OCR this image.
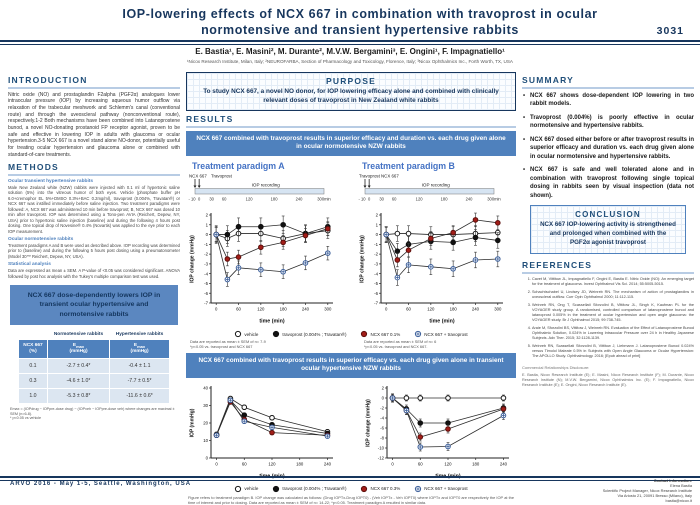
IOP-lowering effects of NCX 667 in combination with travoprost in ocular normotensive and transient hypertensive rabbits	3031
E. Bastia¹, E. Masini², M. Durante², M.V.W. Bergamini³, E. Ongini¹, F. Impagnatiello¹
¹Nicox Research Institute, Milan, Italy; ²NEUROFARBA, Section of Pharmacology and Toxicology, Florence, Italy; ³Nicox Ophthalmics Inc., Forth Worth, TX, USA
INTRODUCTION

Nitric oxide (NO) and prostaglandin F2alpha (PGF2α) analogues lower intraocular pressure (IOP) by increasing aqueous humor outflow via relaxation of the trabecular meshwork and Schlemm's canal (conventional route) and through the uveoscleral pathway (nonconventional route), respectively.1-2 Both mechanisms have been combined into Latanoprostene bunod, a novel NO-donating prostanoid FP receptor agonist, proven to be safe and effective in lowering IOP in adults with glaucoma or ocular hypertension.3-5 NCX 667 is a novel stand alone NO-donor, potentially useful for treating ocular hypertension and glaucoma alone or combined with standard-of-care treatments.

METHODS
Ocular transient hypertensive rabbits

Male New Zealand white (NZW) rabbits were injected with 0.1 ml of hypertonic saline solution (5%) into the vitreous humor of both eyes. Vehicle (phosphate buffer pH 6.0+cremophor EL 5%+DMSO 0.3%+BAC 0.2mg/ml), travoprost (0.004%, Travatan®) or NCX 667 was instilled immediately before saline injection. Two treatment paradigms were followed: A, NCX 667 was administered 10 min before travoprost; B, NCX 667 was dosed 10 min after travoprost. IOP was determined using a Tono-pen AVIA (Reichert, Depew, NY, USA) prior to hypertonic saline injection (baseline) and during the following 4 hours post dosing. One topical drop of Novesine® 0.4% (Novartis) was applied to the eye prior to each IOP measurement.

Ocular normotensive rabbits

Treatment paradigms A and B were used as described above. IOP recording was determined prior to (baseline) and during the following 5 hours post dosing using a pneumatonometer (Model 30™ Reichert, Depew, NY, USA).

Statistical analysis

Data are expressed as mean ± SEM. A P-value of <0.05 was considered significant. ANOVA followed by post hoc analysis with the Tukey's multiple comparison test was used.

NCX 667 dose-dependently lowers IOP in transient ocular hypertensive and normotensive rabbits
	Normotensive rabbits	Hypertensive rabbits
NCX 667
(%)	$E_{max}$
(mmHg)	$E_{max}$
(mmHg)
0.1	-2.7 ± 0.4*	-0.4 ± 1.1
0.3	-4.6 ± 1.0*	-7.7 ± 0.5*
1.0	-5.3 ± 0.8*	-11.6 ± 0.6*

Emax = (IOPdrug − IOPpre-dose drug) − (IOPveh − IOPpre-dose veh) where changes are maximal ± SEM (n=6-8).
* p<0.05 vs vehicle

PURPOSE
To study NCX 667, a novel NO donor, for IOP lowering efficacy alone and combined with clinically relevant doses of travoprost in New Zealand white rabbits
RESULTS
NCX 667 combined with travoprost results in superior efficacy and duration vs. each drug given alone in ocular normotensive NZW rabbits
Treatment paradigm A
NCX 667 Travoprost
IOP recording
- 10 0 30 60	120	180	240	300min
2
1
0
-1
-2
-3
-4
-5
-6
-7
0	60	120	180	240	300
time (min)
IOP change (mmHg)
Treatment paradigm B
Travoprost NCX 667
IOP recording
- 10 0 30 60	120	180	240	300min
2
1
0
-1
-2
-3
-4
-5
-6
-7
0	60	120	180	240	300
time (min)
IOP change (mmHg)
vehicle	travoprost (0.004% ; Travatan®)	NCX 667 0.1%	NCX 667 + travoprost
Data are reported as mean ± SEM of n= 7-9
*p<0.05 vs. travoprost and NCX 667
Data are reported as mean ± SEM of n= 6
*p<0.05 vs. travoprost and NCX 667.
NCX 667 combined with travoprost results in superior efficacy vs. each drug given alone in transient ocular hypertensive NZW rabbits
40
30
20
10
0
0	60	120	180	240
time (min)
IOP (mmHg)
2
0
-2
-4
-6
-8
-10
-12
0	60	120	180	240
time (min)
IOP change (mmHg)
vehicle	travoprost (0.004% ; Travatan®)	NCX 667 0.3%	NCX 667 + travoprost
Figure refers to treatment paradigm B. IOP change was calculated as follows: (Drug IOPTx-Drug IOPT0) - (Veh IOPTx - Veh IOPT0) where IOPTx and IOPT0 are respectively the IOP at the time of interest and prior to dosing. Data are reported as mean ± SEM of n= 14-22; *p<0.05. Treatment paradigm A resulted in similar data.
SUMMARY
• NCX 667 shows dose-dependent IOP lowering in two rabbit models.
• Travoprost (0.004%) is poorly effective in ocular normotensive and hypertensive rabbits.
• NCX 667 dosed either before or after travoprost results in superior efficacy and duration vs. each drug given alone in ocular normotensive and hypertensive rabbits.
• NCX 667 is safe and well tolerated alone and in combination with travoprost following single topical dosing in rabbits seen by visual inspection (data not shown).
CONCLUSION
NCX 667 IOP-lowering activity is strengthened and prolonged when combined with the PGF2α agonist travoprost
REFERENCES
1. Cavet M, Vittitow JL, Impagnatiello F, Ongini E, Bastia E. Nitric Oxide (NO): An emerging target for the treatment of glaucoma. Invest Ophthalmol Vis Sci. 2014; 55:5005-5015.
2. Schachtschabel U, Lindsey JD, Weinreb RN. The mechanism of action of prostaglandins in uveoscleral outflow. Curr Opin Ophthalmol 2000; 11:112-115.
3. Weinreb RN, Ong T, Scassellati Sforzolini B, Vittitow JL, Singh K, Kaufman PL for the VOYAGER study group. A randomised, controlled comparison of latanoprostene bunod and latanoprost 0.005% in the treatment of ocular hypertension and open angle glaucoma: the VOYAGER study. Br J Ophthalmol 2015; 99:738-745.
4. Araie M, Sforzolini BS, Vittitow J, Weinreb RN. Evaluation of the Effect of Latanoprostene Bunod Ophthalmic Solution, 0.024% in Lowering Intraocular Pressure over 24 h in Healthy Japanese Subjects. Adv Ther. 2015; 32:1128-1139.
5. Weinreb RN, Scassellati Sforzolini B, Vittitow J, Liebmann J. Latanoprostene Bunod 0.024% versus Timolol Maleate 0.5% in Subjects with Open Angle Glaucoma or Ocular Hypertension: The APOLLO Study. Ophthalmology. 2016; [Epub ahead of print]
Commercial Relationships Disclosure:
E. Bastia, Nicox Research Institute (E); E. Masini, Nicox Research Institute (F); M. Durante, Nicox Research Institute (N); M.V.W. Bergamini, Nicox Ophthalmics Inc. (E); F. Impagnatiello, Nicox Research Institute (E); E. Ongini, Nicox Research Institute (E).
ARVO 2016 - May 1-5, Seattle, Washington, USA
Contact Information:
Elena Bastia
Scientific Project Manager, Nicox Research Institute
Via Ariosto 21, 20091 Bresso (Milano), Italy
bastia@nicox.it
